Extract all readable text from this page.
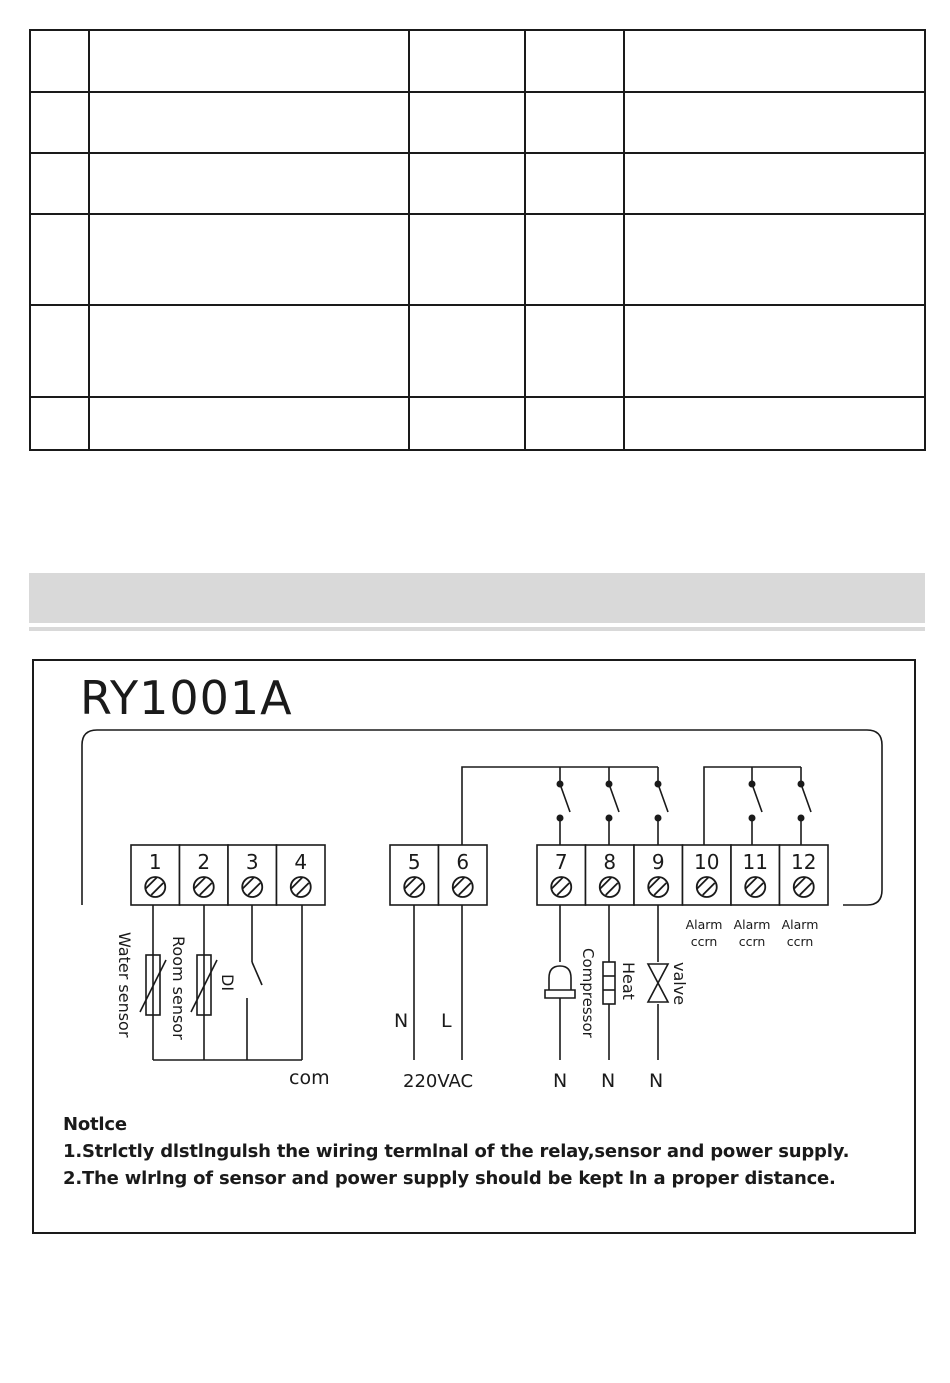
1 2 3 4	5 6	7 8 9 10 11 12
RY1001A
Water sensor Room sensor DI
com
N L
220VAC
Compressor Heat valve
N N N
Alarm
ccrn
Alarm
ccrn
Alarm
ccrn
Notlce
1.Strlctly dlstlngulsh the wiring termlnal of the relay,sensor and power supply.
2.The wlrlng of sensor and power supply should be kept ln a proper distance.
